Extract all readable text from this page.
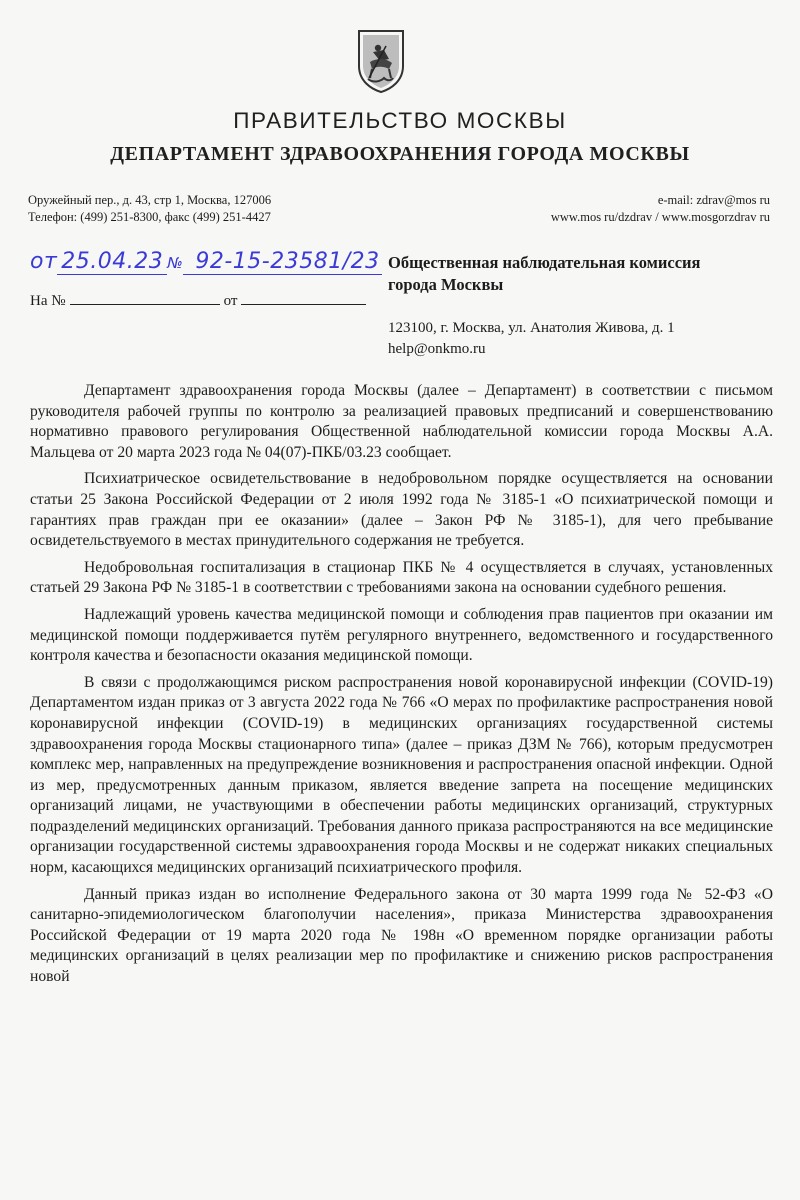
ПРАВИТЕЛЬСТВО МОСКВЫ
ДЕПАРТАМЕНТ ЗДРАВООХРАНЕНИЯ ГОРОДА МОСКВЫ
Оружейный пер., д. 43, стр 1, Москва, 127006
Телефон: (499) 251-8300, факс (499) 251-4427
e-mail: zdrav@mos ru
www.mos ru/dzdrav / www.mosgorzdrav ru
от 25.04.23 № 92-15-23581/23
На №	от
Общественная наблюдательная комиссия
города Москвы
123100, г. Москва, ул. Анатолия Живова, д. 1
help@onkmo.ru

Департамент здравоохранения города Москвы (далее – Департамент) в соответствии с письмом руководителя рабочей группы по контролю за реализацией правовых предписаний и совершенствованию нормативно правового регулирования Общественной наблюдательной комиссии города Москвы А.А. Мальцева от 20 марта 2023 года № 04(07)-ПКБ/03.23 сообщает.

Психиатрическое освидетельствование в недобровольном порядке осуществляется на основании статьи 25 Закона Российской Федерации от 2 июля 1992 года № 3185-1 «О психиатрической помощи и гарантиях прав граждан при ее оказании» (далее – Закон РФ № 3185-1), для чего пребывание освидетельствуемого в местах принудительного содержания не требуется.

Недобровольная госпитализация в стационар ПКБ № 4 осуществляется в случаях, установленных статьей 29 Закона РФ № 3185-1 в соответствии с требованиями закона на основании судебного решения.

Надлежащий уровень качества медицинской помощи и соблюдения прав пациентов при оказании им медицинской помощи поддерживается путём регулярного внутреннего, ведомственного и государственного контроля качества и безопасности оказания медицинской помощи.

В связи с продолжающимся риском распространения новой коронавирусной инфекции (COVID-19) Департаментом издан приказ от 3 августа 2022 года № 766 «О мерах по профилактике распространения новой коронавирусной инфекции (COVID-19) в медицинских организациях государственной системы здравоохранения города Москвы стационарного типа» (далее – приказ ДЗМ № 766), которым предусмотрен комплекс мер, направленных на предупреждение возникновения и распространения опасной инфекции. Одной из мер, предусмотренных данным приказом, является введение запрета на посещение медицинских организаций лицами, не участвующими в обеспечении работы медицинских организаций, структурных подразделений медицинских организаций. Требования данного приказа распространяются на все медицинские организации государственной системы здравоохранения города Москвы и не содержат никаких специальных норм, касающихся медицинских организаций психиатрического профиля.

Данный приказ издан во исполнение Федерального закона от 30 марта 1999 года № 52-ФЗ «О санитарно-эпидемиологическом благополучии населения», приказа Министерства здравоохранения Российской Федерации от 19 марта 2020 года № 198н «О временном порядке организации работы медицинских организаций в целях реализации мер по профилактике и снижению рисков распространения новой
